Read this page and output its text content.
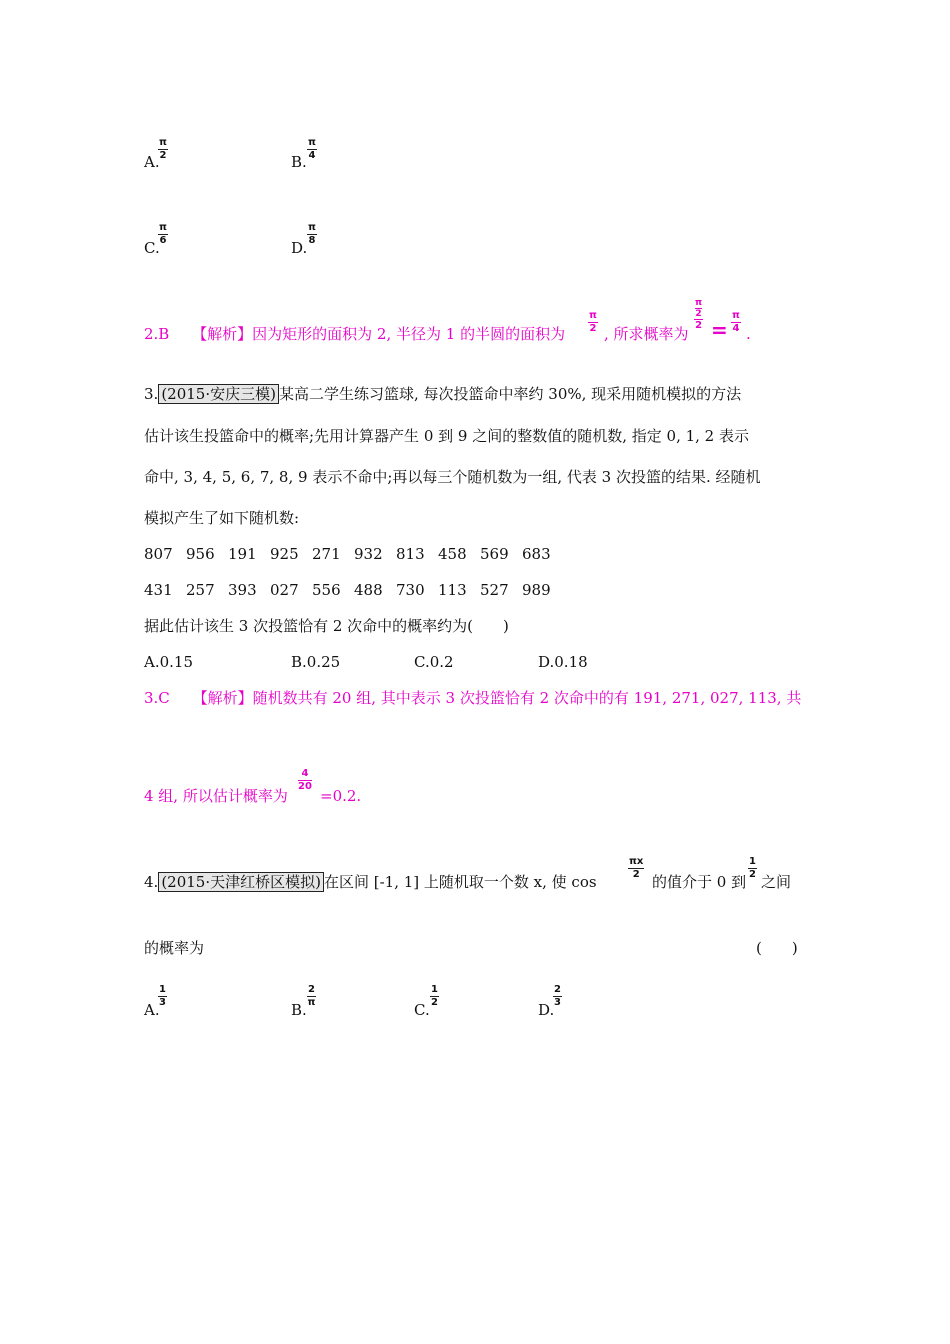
A.
$\frac{\pi}{2}$	B. $\frac{\pi}{4}$
C.
$\frac{\pi}{6}$
D.
$\frac{\pi}{8}$
2.B 【解析】因为矩形的面积为 2, 半径为 1 的半圆的面积为 $\frac{\pi}{2}$ , 所求概率为
π
2
$2 = \frac{\pi}{4}$ .
3. (2015·安庆三模) 某高二学生练习篮球, 每次投篮命中率约 30%, 现采用随机模拟的方法
估计该生投篮命中的概率;先用计算器产生 0 到 9 之间的整数值的随机数, 指定 0, 1, 2 表示
命中, 3, 4, 5, 6, 7, 8, 9 表示不命中;再以每三个随机数为一组, 代表 3 次投篮的结果. 经随机
模拟产生了如下随机数:
807 956 191 925 271 932 813 458 569 683
431 257 393 027 556 488 730 113 527 989
据此估计该生 3 次投篮恰有 2 次命中的概率约为(　　)
A.0.15	B.0.25	C.0.2	D.0.18
3.C 【解析】随机数共有 20 组, 其中表示 3 次投篮恰有 2 次命中的有 191, 271, 027, 113, 共
4 组, 所以估计概率为
$\frac{4}{20}$
=0.2.
4. (2015·天津红桥区模拟) 在区间 [-1, 1] 上随机取一个数 x, 使 cos
$\frac{\pi x}{2}$
的值介于 0 到
$\frac{1}{2}$
之间
的概率为	(　　)
A.
$\frac{1}{3}$
B.
$\frac{2}{\pi}$
C.
$\frac{1}{2}$
D.
$\frac{2}{3}$
